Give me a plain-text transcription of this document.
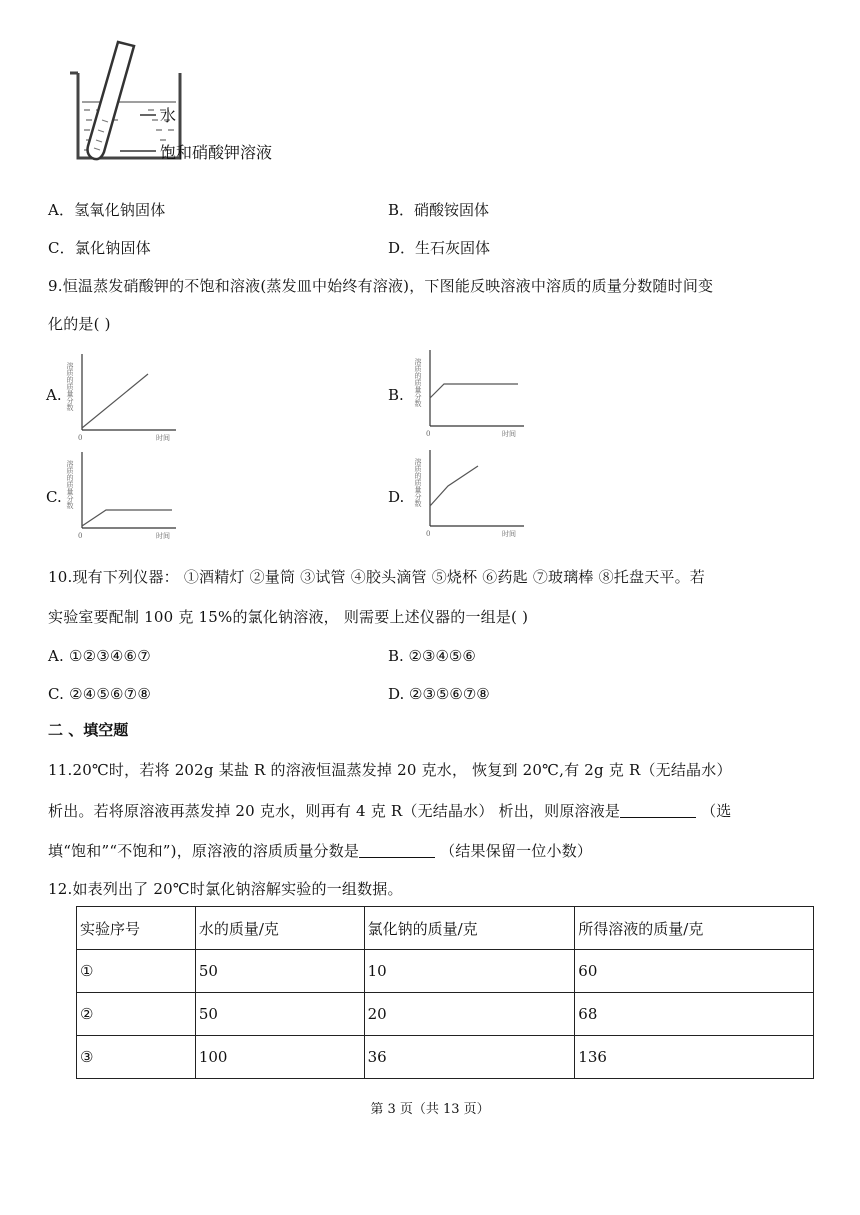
水
饱和硝酸钾溶液
A．氢氧化钠固体	B．硝酸铵固体
C．氯化钠固体	D．生石灰固体
9.恒温蒸发硝酸钾的不饱和溶液(蒸发皿中始终有溶液)，下图能反映溶液中溶质的质量分数随时间变
化的是( )
A. 溶质的质量分数
0	时间
B. 溶质的质量分数
0	时间
C. 溶质的质量分数
0	时间
D. 溶质的质量分数
0	时间
10.现有下列仪器： ①酒精灯 ②量筒 ③试管 ④胶头滴管 ⑤烧杯 ⑥药匙 ⑦玻璃棒 ⑧托盘天平。若
实验室要配制 100 克 15%的氯化钠溶液， 则需要上述仪器的一组是( )
A. ①②③④⑥⑦	B. ②③④⑤⑥
C. ②④⑤⑥⑦⑧	D. ②③⑤⑥⑦⑧
二 、填空题
11.20℃时，若将 202g 某盐 R 的溶液恒温蒸发掉 20 克水， 恢复到 20℃,有 2g 克 R（无结晶水）
析出。若将原溶液再蒸发掉 20 克水，则再有 4 克 R（无结晶水） 析出，则原溶液是	（选
填“饱和”“不饱和”)，原溶液的溶质质量分数是	（结果保留一位小数）
12.如表列出了 20℃时氯化钠溶解实验的一组数据。
实验序号	水的质量/克	氯化钠的质量/克	所得溶液的质量/克
①	50	10	60
②	50	20	68
③	100	36	136
第 3 页（共 13 页）
